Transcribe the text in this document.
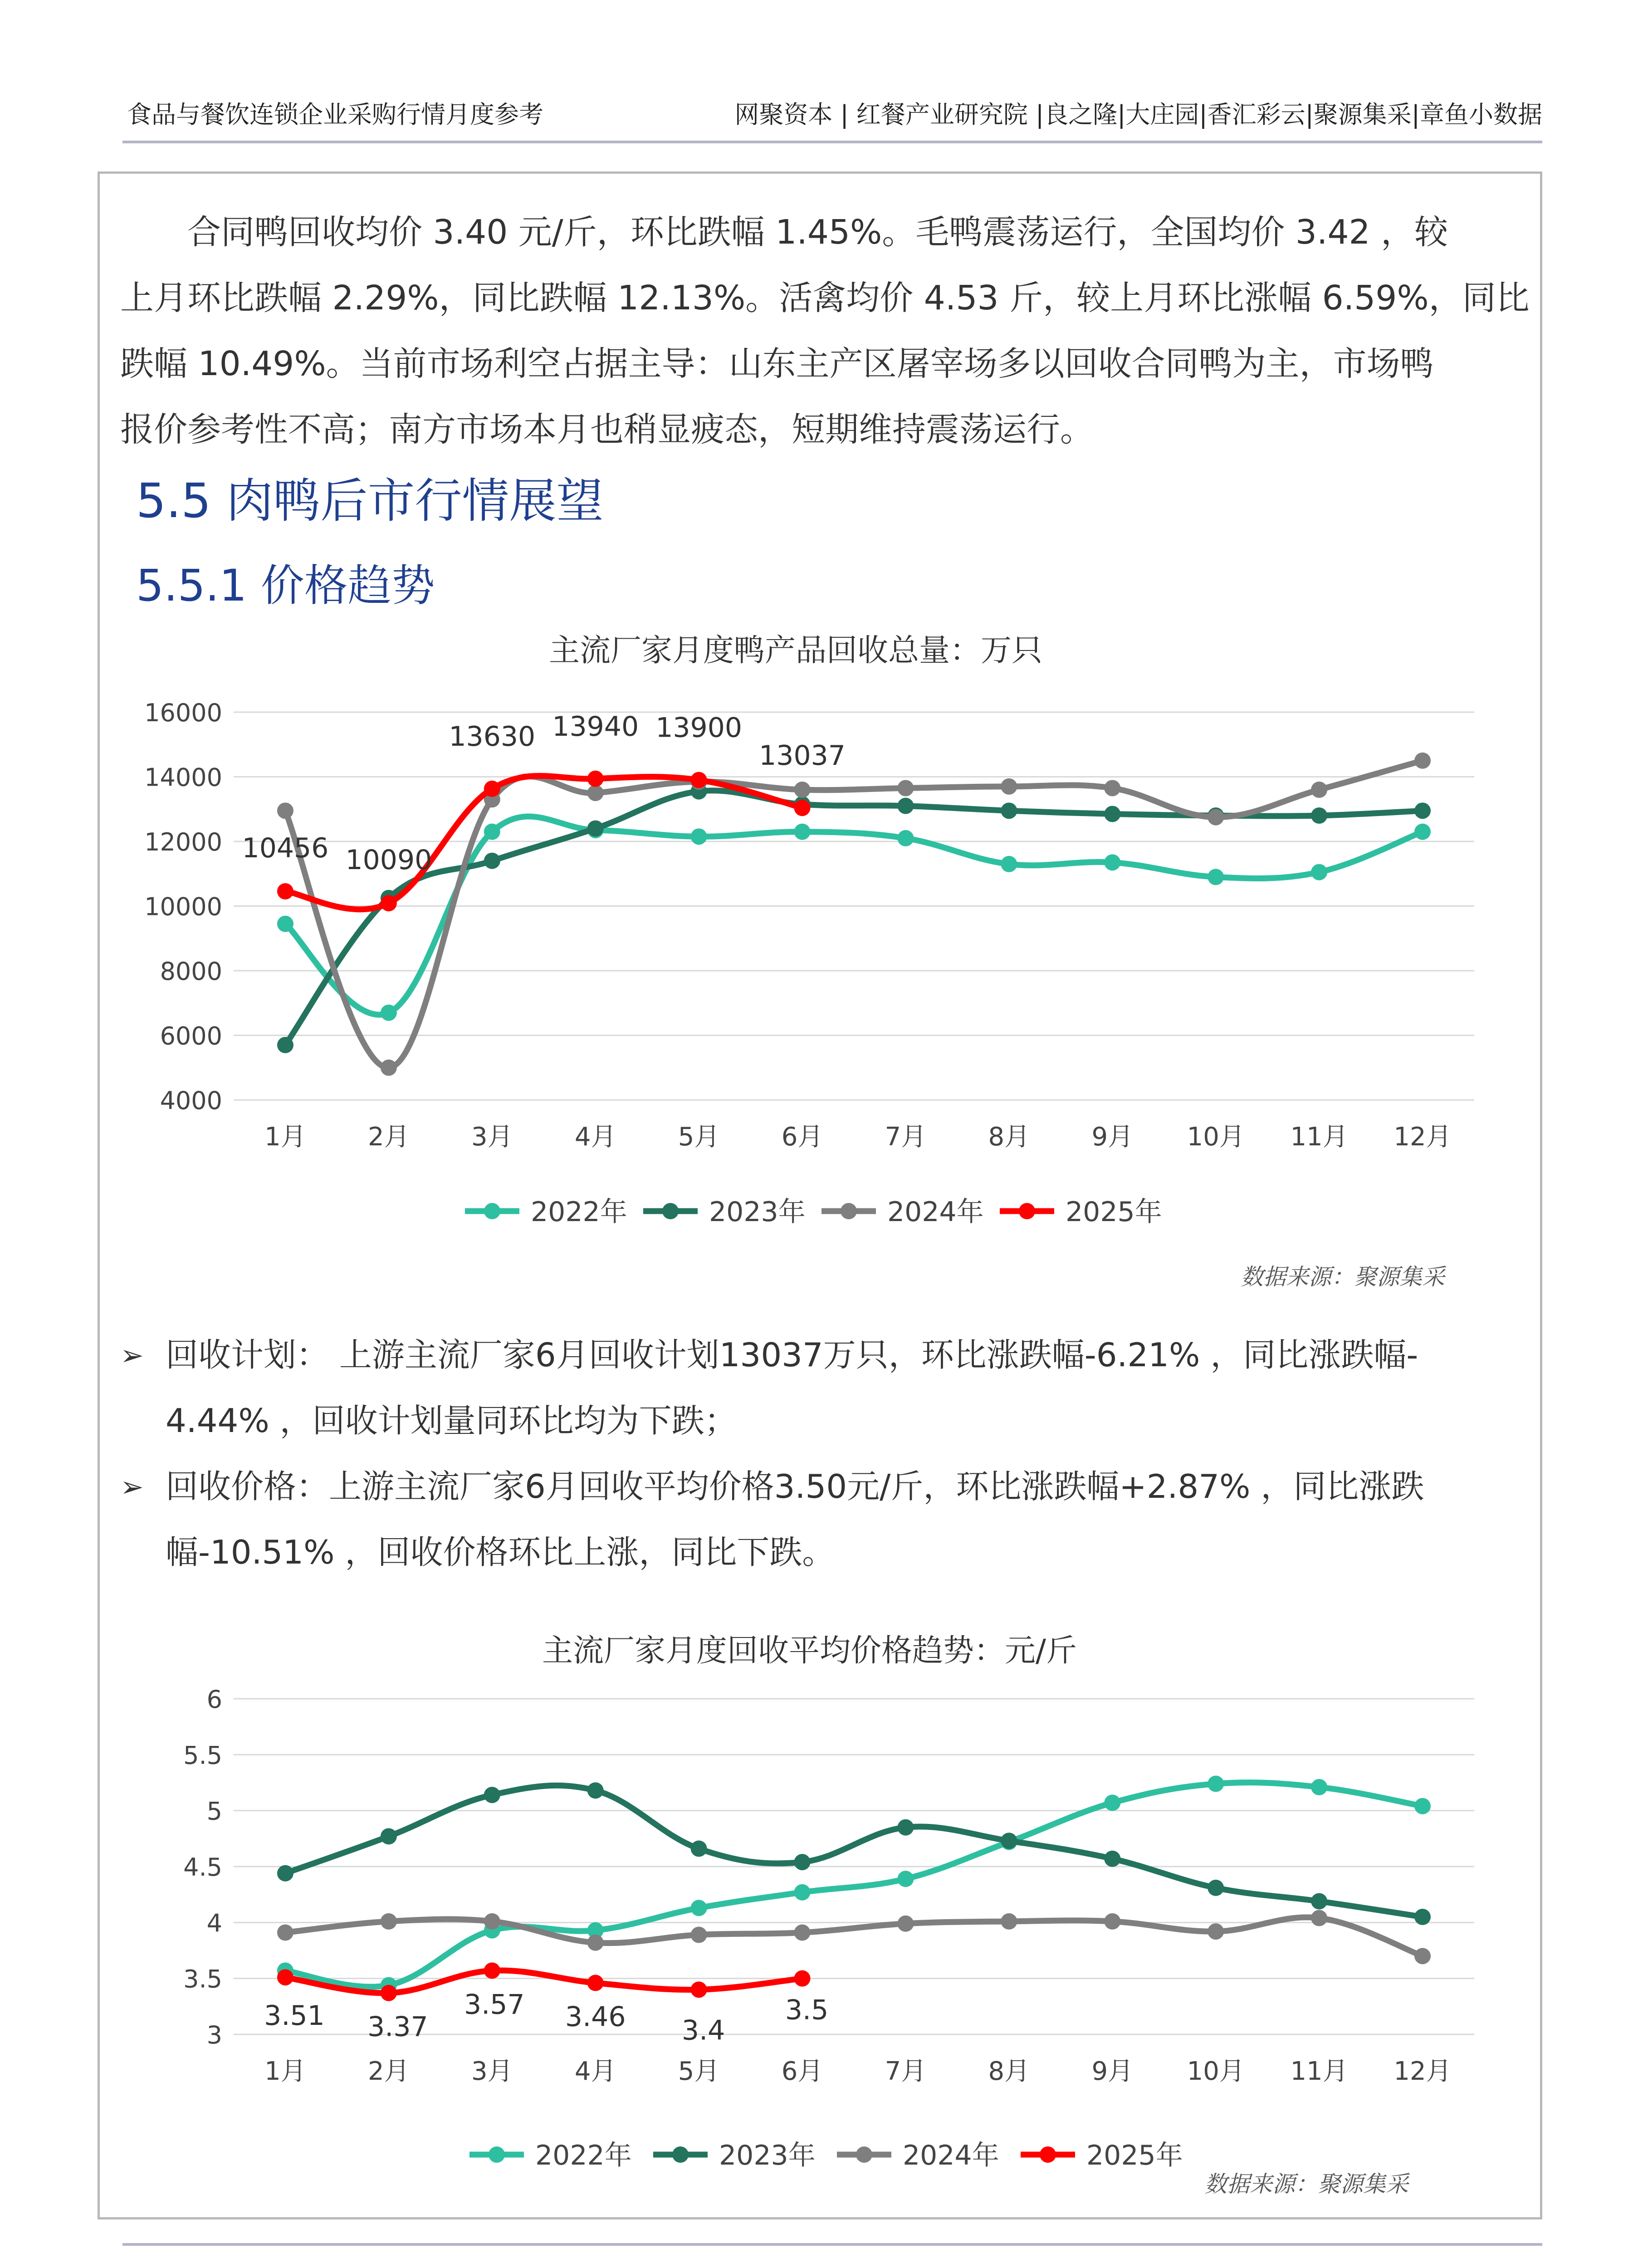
食品与餐饮连锁企业采购行情月度参考	网聚资本 | 红餐产业研究院 |良之隆|大庄园|香汇彩云|聚源集采|章鱼小数据
　　合同鸭回收均价 3.40 元/斤，环比跌幅 1.45%。毛鸭震荡运行，全国均价 3.42 ，较
上月环比跌幅 2.29%，同比跌幅 12.13%。活禽均价 4.53 斤，较上月环比涨幅 6.59%，同比
跌幅 10.49%。当前市场利空占据主导：山东主产区屠宰场多以回收合同鸭为主，市场鸭
报价参考性不高；南方市场本月也稍显疲态，短期维持震荡运行。
5.5 肉鸭后市行情展望
5.5.1 价格趋势
主流厂家月度鸭产品回收总量：万只
4000
6000
8000
10000
12000
14000
16000
1月 2月 3月 4月 5月 6月 7月 8月 9月 10月 11月 12月
10456 10090
13630 13940 13900
13037
2022年	2023年	2024年	2025年
数据来源：聚源集采
➢ 回收计划： 上游主流厂家6月回收计划13037万只，环比涨跌幅-6.21% ，同比涨跌幅-
4.44% ，回收计划量同环比均为下跌；
➢ 回收价格：上游主流厂家6月回收平均价格3.50元/斤，环比涨跌幅+2.87% ，同比涨跌
幅-10.51% ，回收价格环比上涨，同比下跌。
主流厂家月度回收平均价格趋势：元/斤
3
3.5
4
4.5
5
5.5
6
1月 2月 3月 4月 5月 6月 7月 8月 9月 10月 11月 12月
3.51 3.37
3.57 3.46 3.4
3.5
2022年	2023年	2024年	2025年
数据来源：聚源集采
